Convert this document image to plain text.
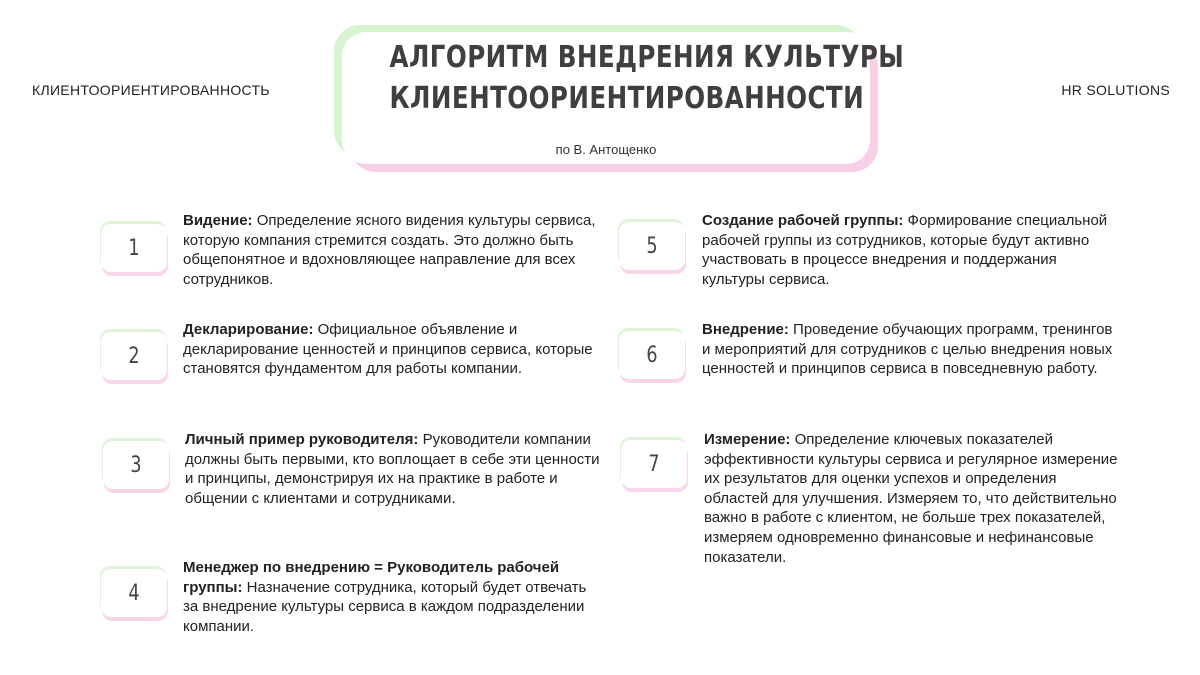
КЛИЕНТООРИЕНТИРОВАННОСТЬ	HR SOLUTIONS
АЛГОРИТМ ВНЕДРЕНИЯ КУЛЬТУРЫ
КЛИЕНТООРИЕНТИРОВАННОСТИ
по В. Антощенко
1
Видение: Определение ясного видения культуры сервиса, которую компания стремится создать. Это должно быть общепонятное и вдохновляющее направление для всех сотрудников.
2
Декларирование: Официальное объявление и декларирование ценностей и принципов сервиса, которые становятся фундаментом для работы компании.
3
Личный пример руководителя: Руководители компании должны быть первыми, кто воплощает в себе эти ценности и принципы, демонстрируя их на практике в работе и общении с клиентами и сотрудниками.
4
Менеджер по внедрению = Руководитель рабочей группы: Назначение сотрудника, который будет отвечать за внедрение культуры сервиса в каждом подразделении компании.
5
Создание рабочей группы: Формирование специальной рабочей группы из сотрудников, которые будут активно участвовать в процессе внедрения и поддержания культуры сервиса.
6
Внедрение: Проведение обучающих программ, тренингов и мероприятий для сотрудников с целью внедрения новых ценностей и принципов сервиса в повседневную работу.
7
Измерение: Определение ключевых показателей эффективности культуры сервиса и регулярное измерение их результатов для оценки успехов и определения областей для улучшения. Измеряем то, что действительно важно в работе с клиентом, не больше трех показателей, измеряем одновременно финансовые и нефинансовые показатели.
